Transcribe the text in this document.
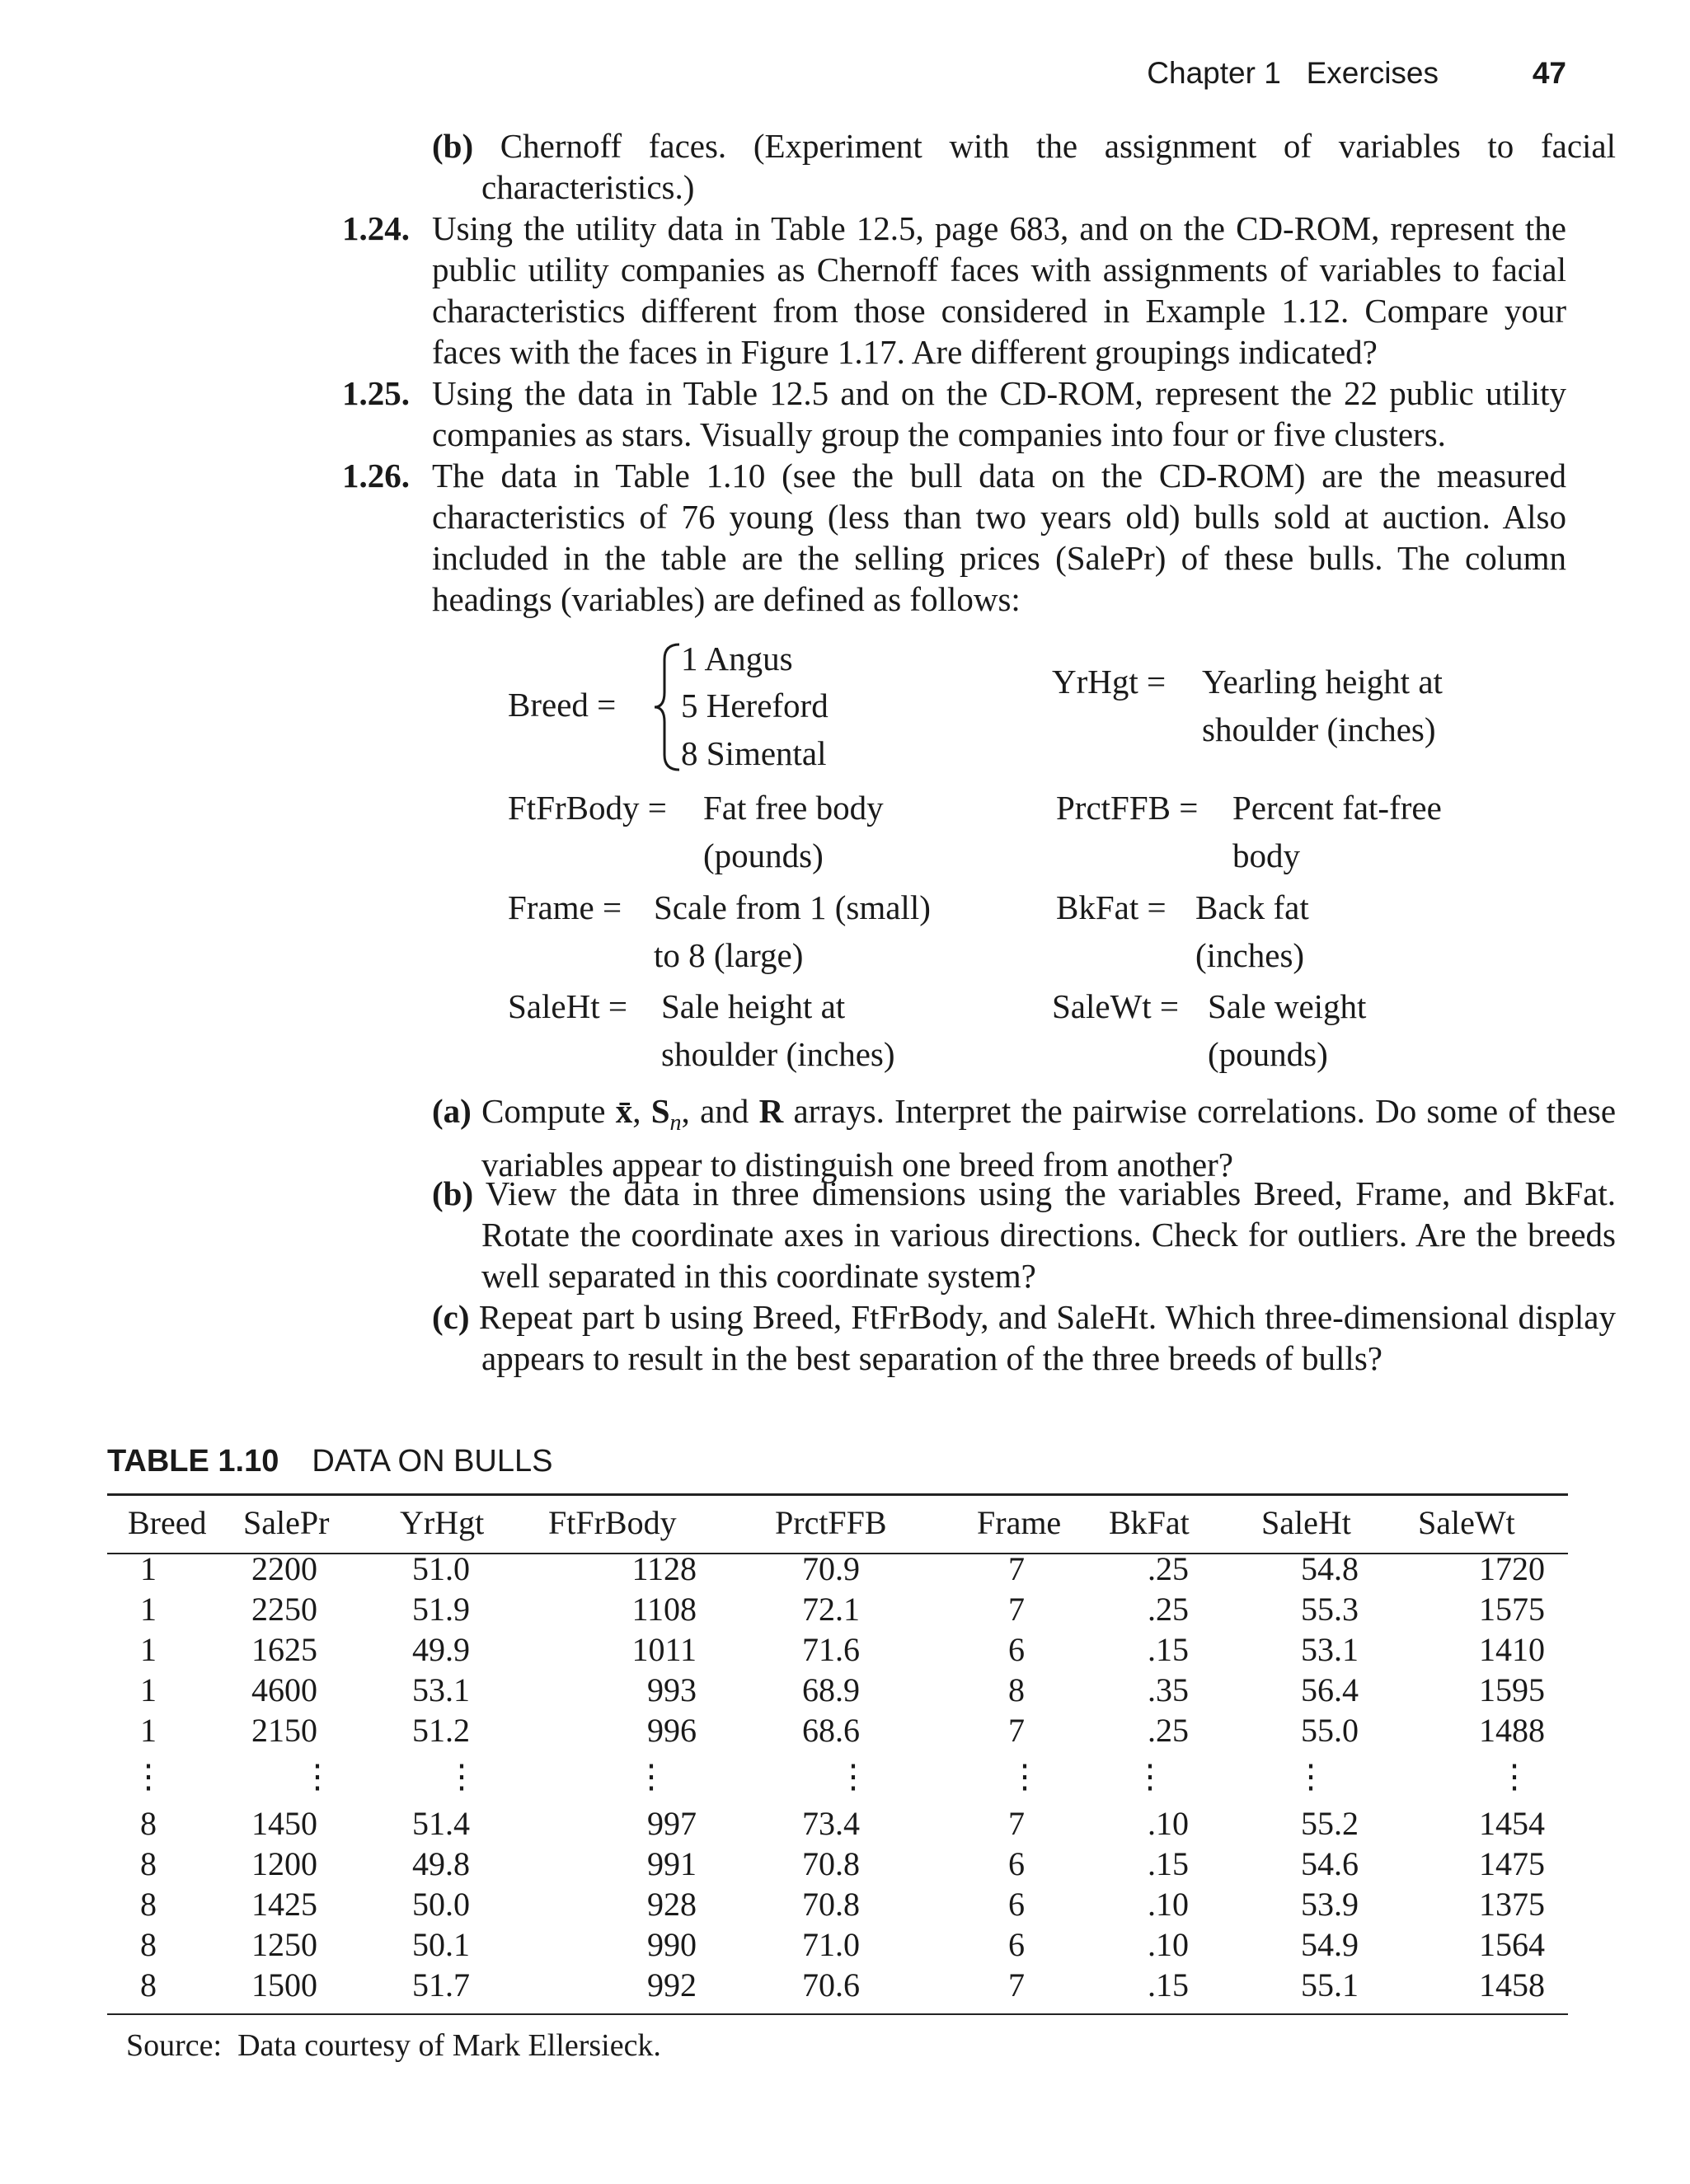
Chapter 1   Exercises	47
(b) Chernoff faces. (Experiment with the assignment of variables to facial characteristics.)
1.24. Using the utility data in Table 12.5, page 683, and on the CD-ROM, represent the public utility companies as Chernoff faces with assignments of variables to facial characteristics different from those considered in Example 1.12. Compare your faces with the faces in Figure 1.17. Are different groupings indicated?
1.25. Using the data in Table 12.5 and on the CD-ROM, represent the 22 public utility companies as stars. Visually group the companies into four or five clusters.
1.26. The data in Table 1.10 (see the bull data on the CD-ROM) are the measured characteristics of 76 young (less than two years old) bulls sold at auction. Also included in the table are the selling prices (SalePr) of these bulls. The column headings (variables) are defined as follows:
Breed =
1 Angus
5 Hereford
8 Simental
YrHgt = Yearling height at
shoulder (inches)
FtFrBody = Fat free body
(pounds)
PrctFFB = Percent fat-free
body
Frame = Scale from 1 (small)
to 8 (large)
BkFat = Back fat
(inches)
SaleHt = Sale height at
shoulder (inches)
SaleWt = Sale weight
(pounds)
(a) Compute x̄, $S_n$, and R arrays. Interpret the pairwise correlations. Do some of these variables appear to distinguish one breed from another?
(b) View the data in three dimensions using the variables Breed, Frame, and BkFat. Rotate the coordinate axes in various directions. Check for outliers. Are the breeds well separated in this coordinate system?
(c) Repeat part b using Breed, FtFrBody, and SaleHt. Which three-dimensional display appears to result in the best separation of the three breeds of bulls?
TABLE 1.10 DATA ON BULLS
Breed	SalePr	YrHgt	FtFrBody	PrctFFB	Frame	BkFat	SaleHt	SaleWt
1	2200	51.0	1128	70.9	7	.25	54.8	1720
1	2250	51.9	1108	72.1	7	.25	55.3	1575
1	1625	49.9	1011	71.6	6	.15	53.1	1410
1	4600	53.1	993	68.9	8	.35	56.4	1595
1	2150	51.2	996	68.6	7	.25	55.0	1488
⋮	⋮	⋮	⋮	⋮	⋮	⋮	⋮	⋮
8	1450	51.4	997	73.4	7	.10	55.2	1454
8	1200	49.8	991	70.8	6	.15	54.6	1475
8	1425	50.0	928	70.8	6	.10	53.9	1375
8	1250	50.1	990	71.0	6	.10	54.9	1564
8	1500	51.7	992	70.6	7	.15	55.1	1458
Source:  Data courtesy of Mark Ellersieck.
